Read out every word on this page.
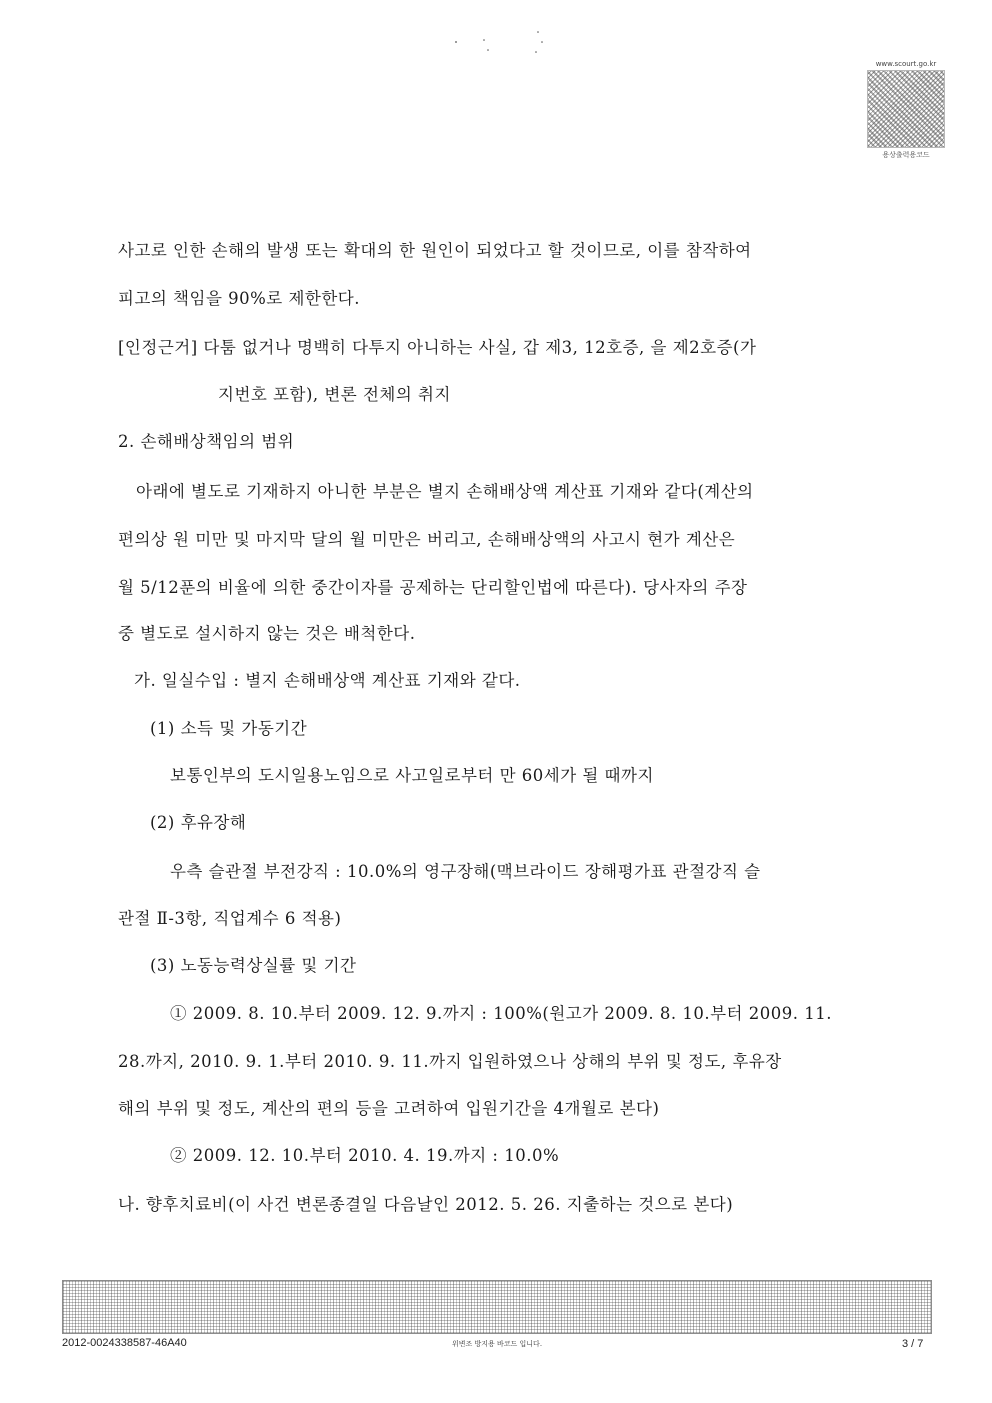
www.scourt.go.kr
용상출력용코드
사고로 인한 손해의 발생 또는 확대의 한 원인이 되었다고 할 것이므로, 이를 참작하여
피고의 책임을 90%로 제한한다.
[인정근거] 다툼 없거나 명백히 다투지 아니하는 사실, 갑 제3, 12호증, 을 제2호증(가
지번호 포함), 변론 전체의 취지
2. 손해배상책임의 범위
아래에 별도로 기재하지 아니한 부분은 별지 손해배상액 계산표 기재와 같다(계산의
편의상 원 미만 및 마지막 달의 월 미만은 버리고, 손해배상액의 사고시 현가 계산은
월 5/12푼의 비율에 의한 중간이자를 공제하는 단리할인법에 따른다). 당사자의 주장
중 별도로 설시하지 않는 것은 배척한다.
가. 일실수입 : 별지 손해배상액 계산표 기재와 같다.
(1) 소득 및 가동기간
보통인부의 도시일용노임으로 사고일로부터 만 60세가 될 때까지
(2) 후유장해
우측 슬관절 부전강직 : 10.0%의 영구장해(맥브라이드 장해평가표 관절강직 슬
관절 Ⅱ-3항, 직업계수 6 적용)
(3) 노동능력상실률 및 기간
① 2009. 8. 10.부터 2009. 12. 9.까지 : 100%(원고가 2009. 8. 10.부터 2009. 11.
28.까지, 2010. 9. 1.부터 2010. 9. 11.까지 입원하였으나 상해의 부위 및 정도, 후유장
해의 부위 및 정도, 계산의 편의 등을 고려하여 입원기간을 4개월로 본다)
② 2009. 12. 10.부터 2010. 4. 19.까지 : 10.0%
나. 향후치료비(이 사건 변론종결일 다음날인 2012. 5. 26. 지출하는 것으로 본다)
2012-0024338587-46A40	위변조 방지용 바코드 입니다.	3 / 7
